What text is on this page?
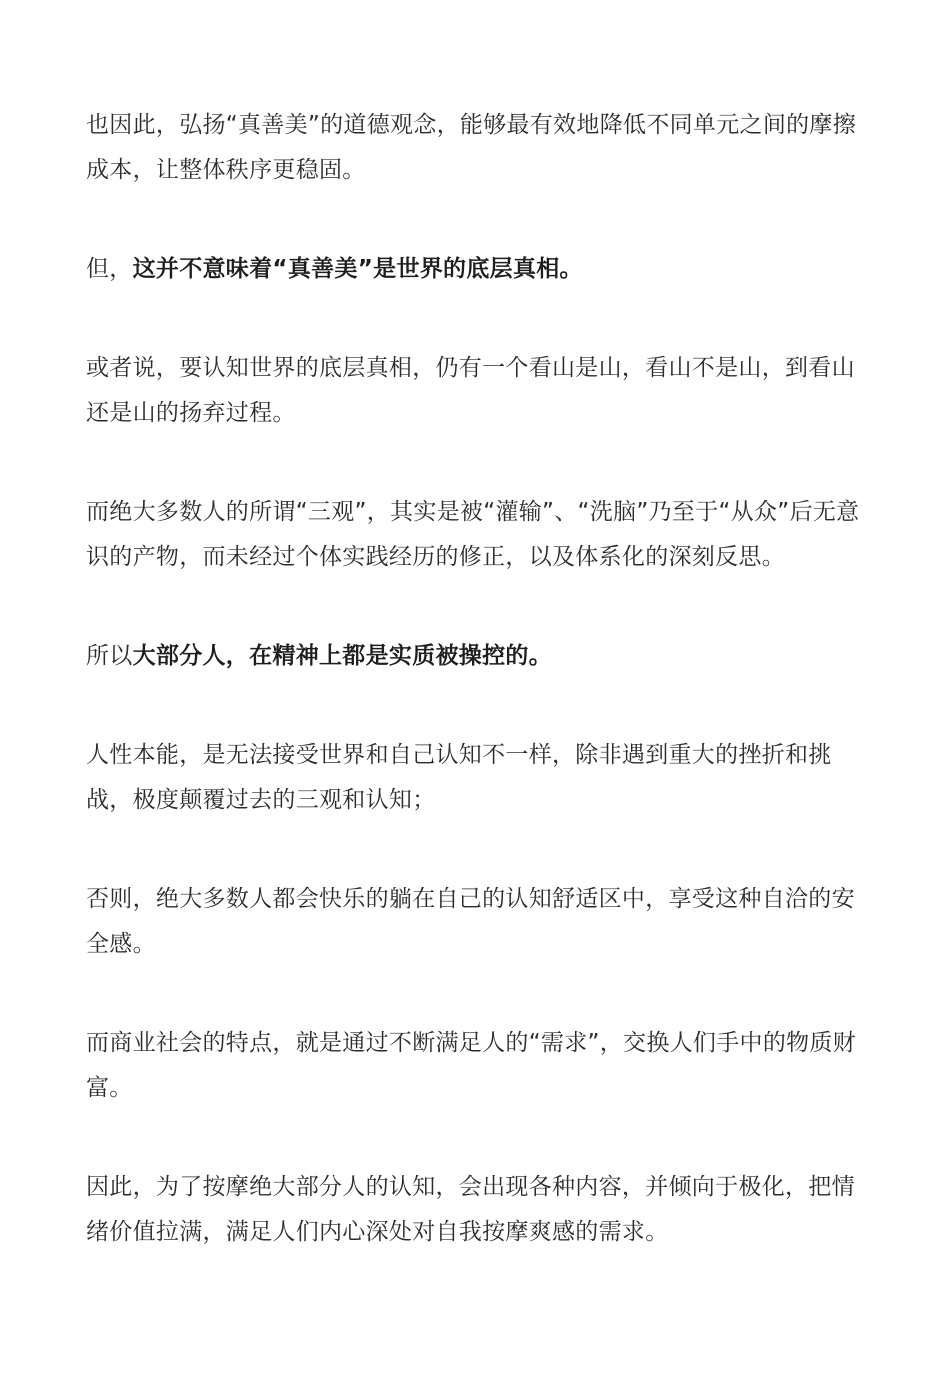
也因此，弘扬“真善美”的道德观念，能够最有效地降低不同单元之间的摩擦成本，让整体秩序更稳固。

但，这并不意味着“真善美”是世界的底层真相。

或者说，要认知世界的底层真相，仍有一个看山是山，看山不是山，到看山还是山的扬弃过程。

而绝大多数人的所谓“三观”，其实是被“灌输”、“洗脑”乃至于“从众”后无意识的产物，而未经过个体实践经历的修正，以及体系化的深刻反思。

所以大部分人，在精神上都是实质被操控的。

人性本能，是无法接受世界和自己认知不一样，除非遇到重大的挫折和挑战，极度颠覆过去的三观和认知；

否则，绝大多数人都会快乐的躺在自己的认知舒适区中，享受这种自洽的安全感。

而商业社会的特点，就是通过不断满足人的“需求”，交换人们手中的物质财富。

因此，为了按摩绝大部分人的认知，会出现各种内容，并倾向于极化，把情绪价值拉满，满足人们内心深处对自我按摩爽感的需求。
